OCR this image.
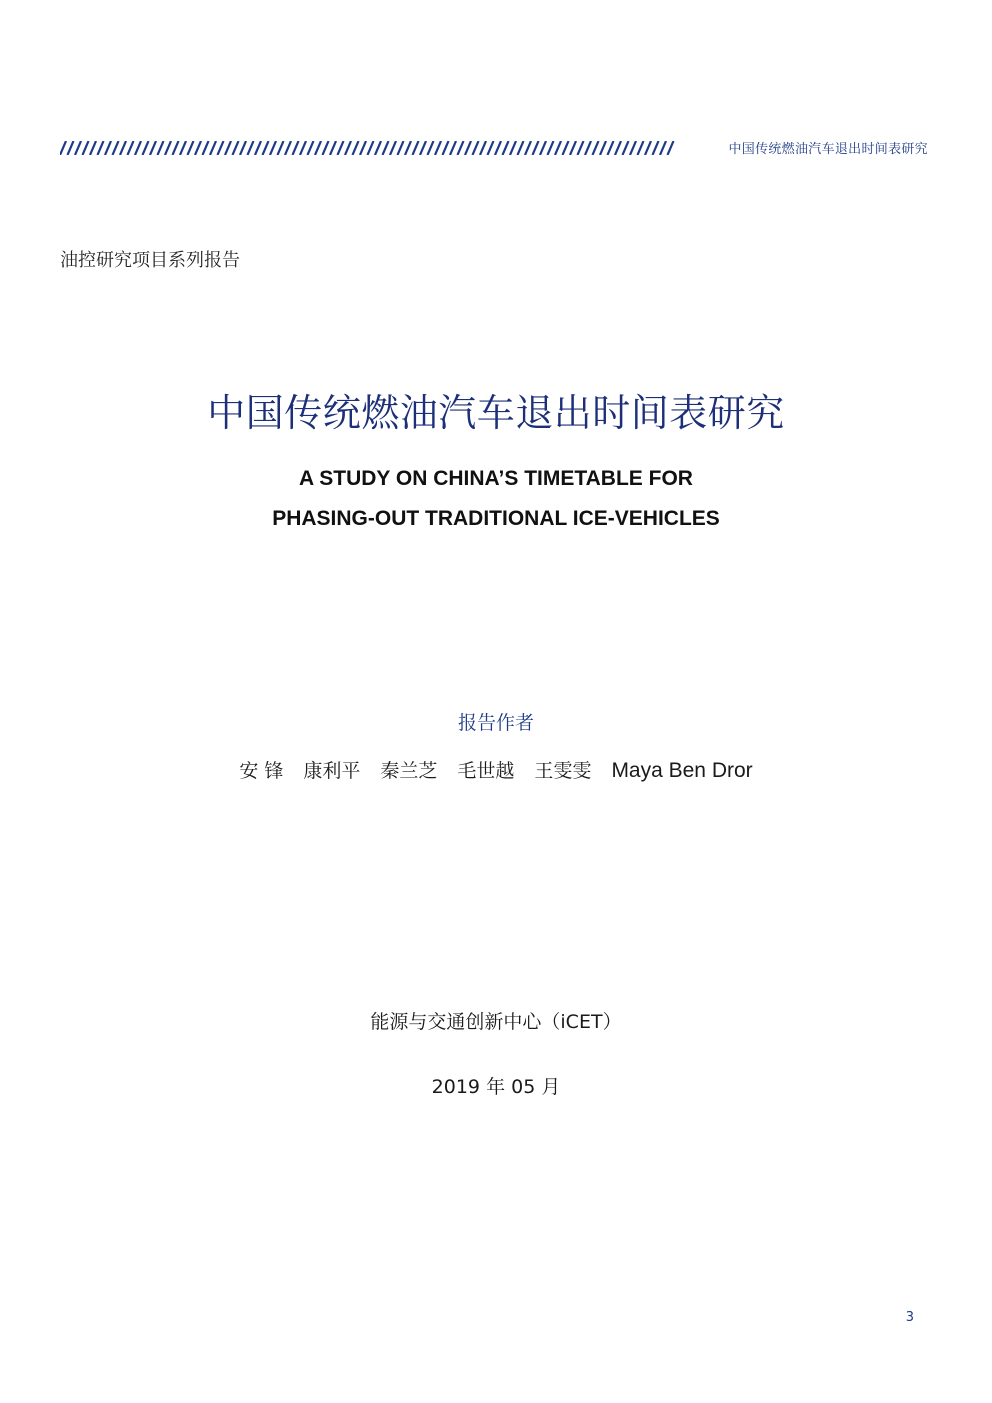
中国传统燃油汽车退出时间表研究
油控研究项目系列报告
中国传统燃油汽车退出时间表研究
A STUDY ON CHINA’S TIMETABLE FOR
PHASING-OUT TRADITIONAL ICE-VEHICLES
报告作者
安 锋 康利平 秦兰芝 毛世越 王雯雯 Maya Ben Dror
能源与交通创新中心（iCET）
2019 年 05 月
3
